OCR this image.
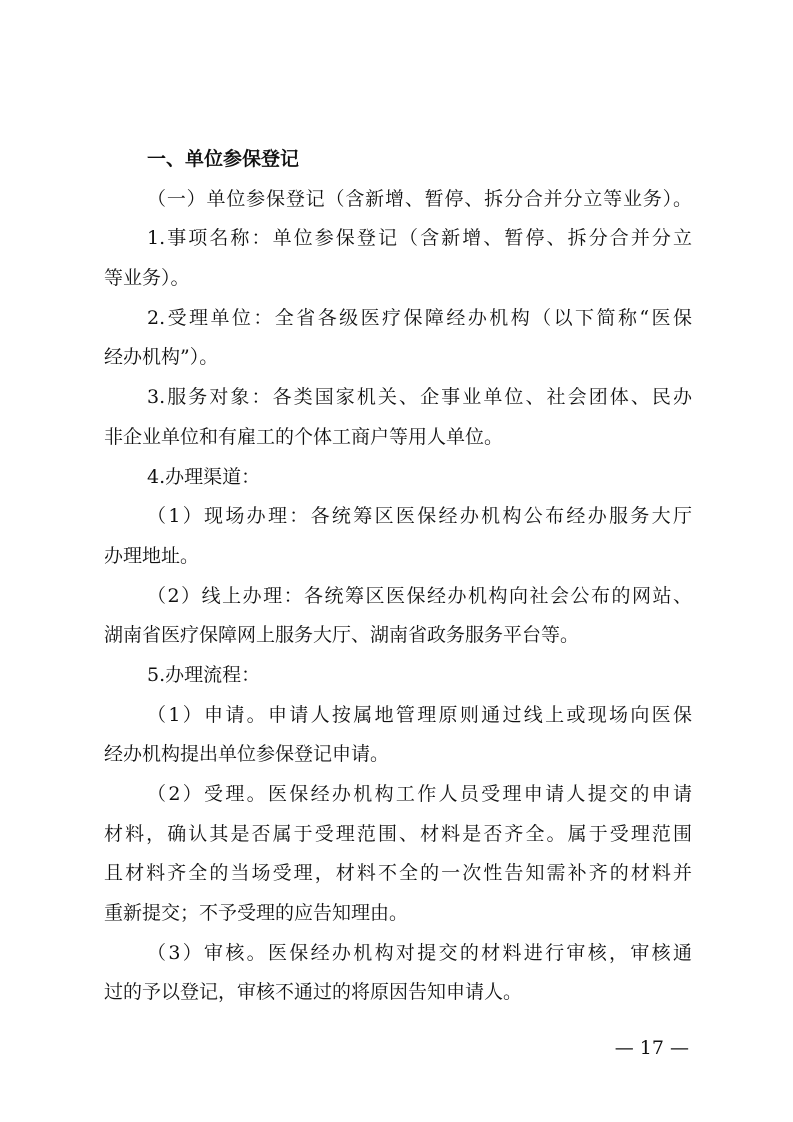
一、单位参保登记
（一）单位参保登记（含新增、暂停、拆分合并分立等业务）。
1.事项名称：单位参保登记（含新增、暂停、拆分合并分立
等业务）。
2.受理单位：全省各级医疗保障经办机构（以下简称“医保
经办机构”）。
3.服务对象：各类国家机关、企事业单位、社会团体、民办
非企业单位和有雇工的个体工商户等用人单位。
4.办理渠道：
（1）现场办理：各统筹区医保经办机构公布经办服务大厅
办理地址。
（2）线上办理：各统筹区医保经办机构向社会公布的网站、
湖南省医疗保障网上服务大厅、湖南省政务服务平台等。
5.办理流程：
（1）申请。申请人按属地管理原则通过线上或现场向医保
经办机构提出单位参保登记申请。
（2）受理。医保经办机构工作人员受理申请人提交的申请
材料，确认其是否属于受理范围、材料是否齐全。属于受理范围
且材料齐全的当场受理，材料不全的一次性告知需补齐的材料并
重新提交；不予受理的应告知理由。
（3）审核。医保经办机构对提交的材料进行审核，审核通
过的予以登记，审核不通过的将原因告知申请人。
— 17 —
